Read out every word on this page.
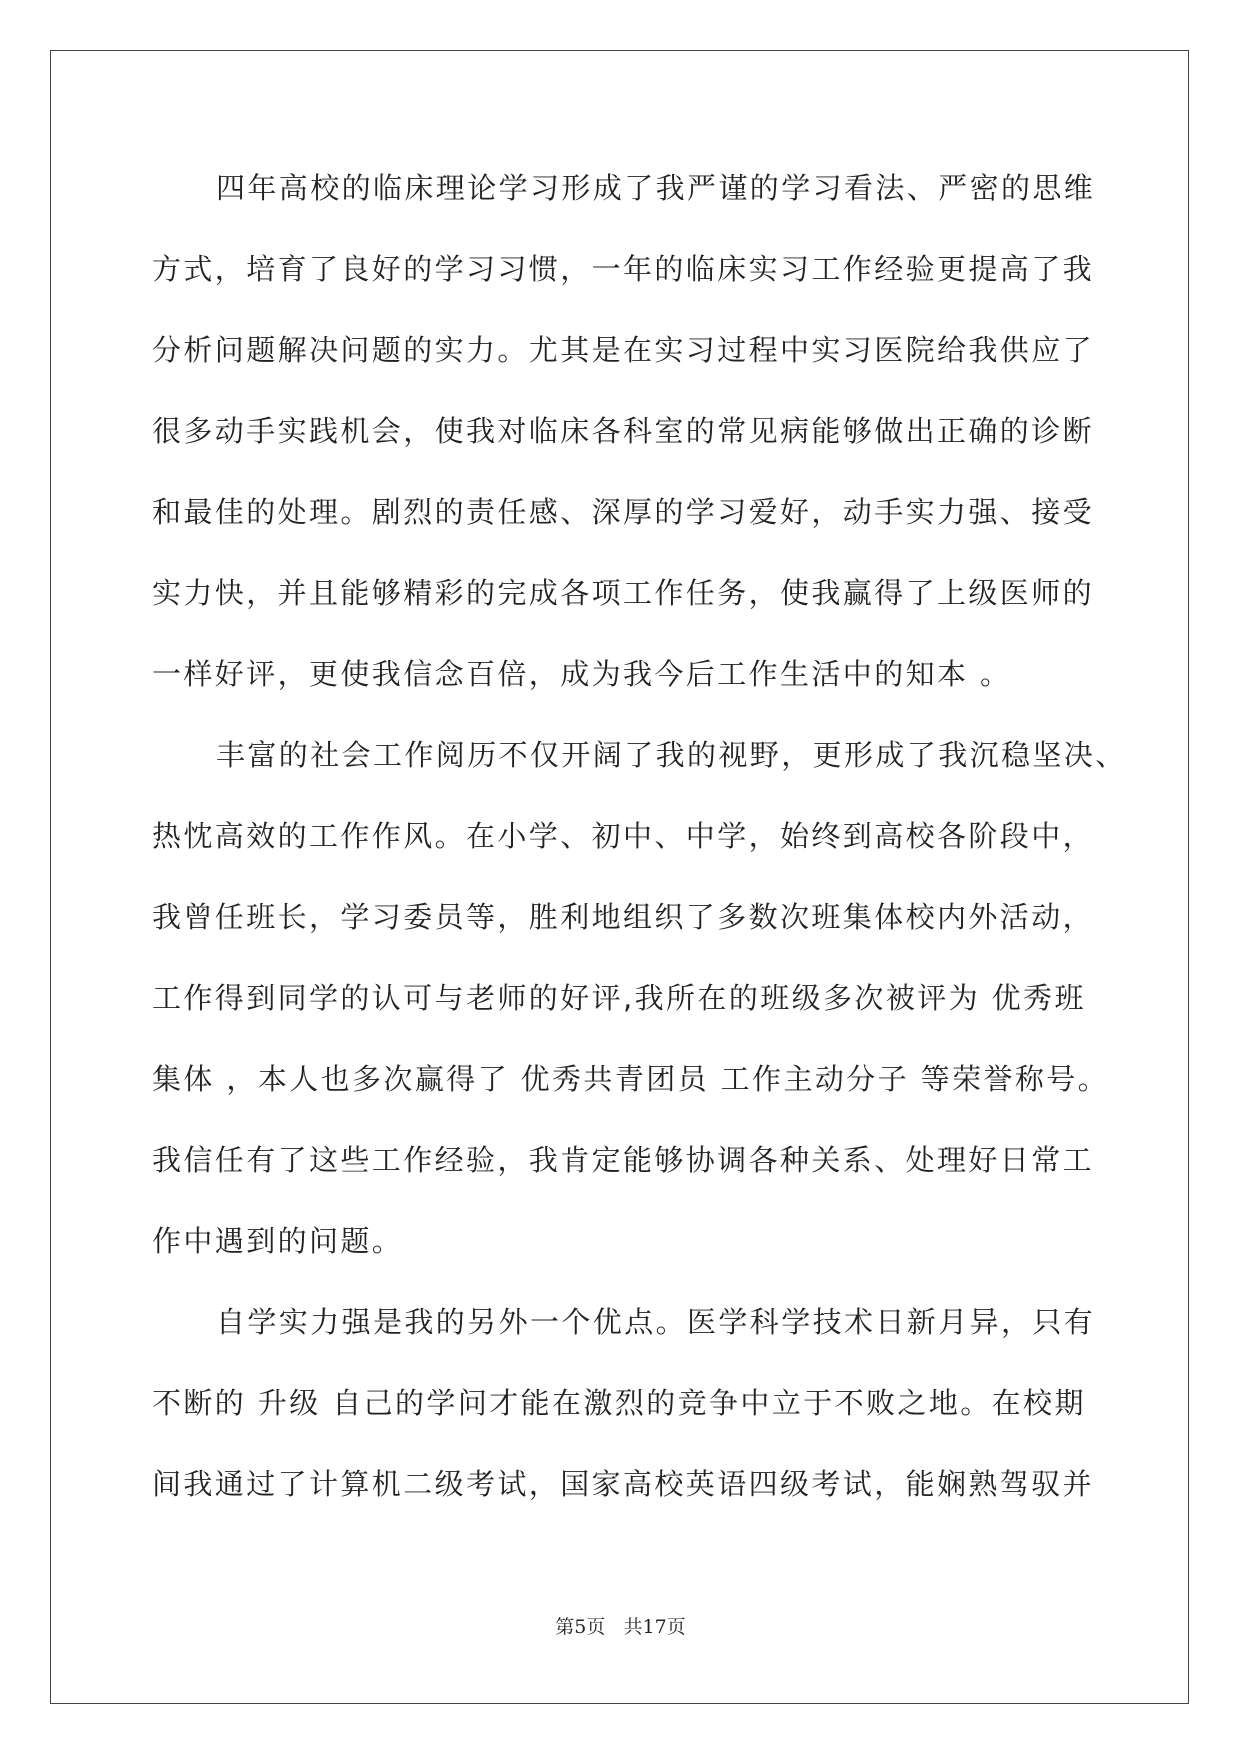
四年高校的临床理论学习形成了我严谨的学习看法、严密的思维
方式，培育了良好的学习习惯，一年的临床实习工作经验更提高了我
分析问题解决问题的实力。尤其是在实习过程中实习医院给我供应了
很多动手实践机会，使我对临床各科室的常见病能够做出正确的诊断
和最佳的处理。剧烈的责任感、深厚的学习爱好，动手实力强、接受
实力快，并且能够精彩的完成各项工作任务，使我赢得了上级医师的
一样好评，更使我信念百倍，成为我今后工作生活中的知本 。
丰富的社会工作阅历不仅开阔了我的视野，更形成了我沉稳坚决、
热忱高效的工作作风。在小学、初中、中学，始终到高校各阶段中，
我曾任班长，学习委员等，胜利地组织了多数次班集体校内外活动，
工作得到同学的认可与老师的好评,我所在的班级多次被评为 优秀班
集体 ，本人也多次赢得了 优秀共青团员 工作主动分子 等荣誉称号。
我信任有了这些工作经验，我肯定能够协调各种关系、处理好日常工
作中遇到的问题。
自学实力强是我的另外一个优点。医学科学技术日新月异，只有
不断的 升级 自己的学问才能在激烈的竞争中立于不败之地。在校期
间我通过了计算机二级考试，国家高校英语四级考试，能娴熟驾驭并
第5页   共17页
